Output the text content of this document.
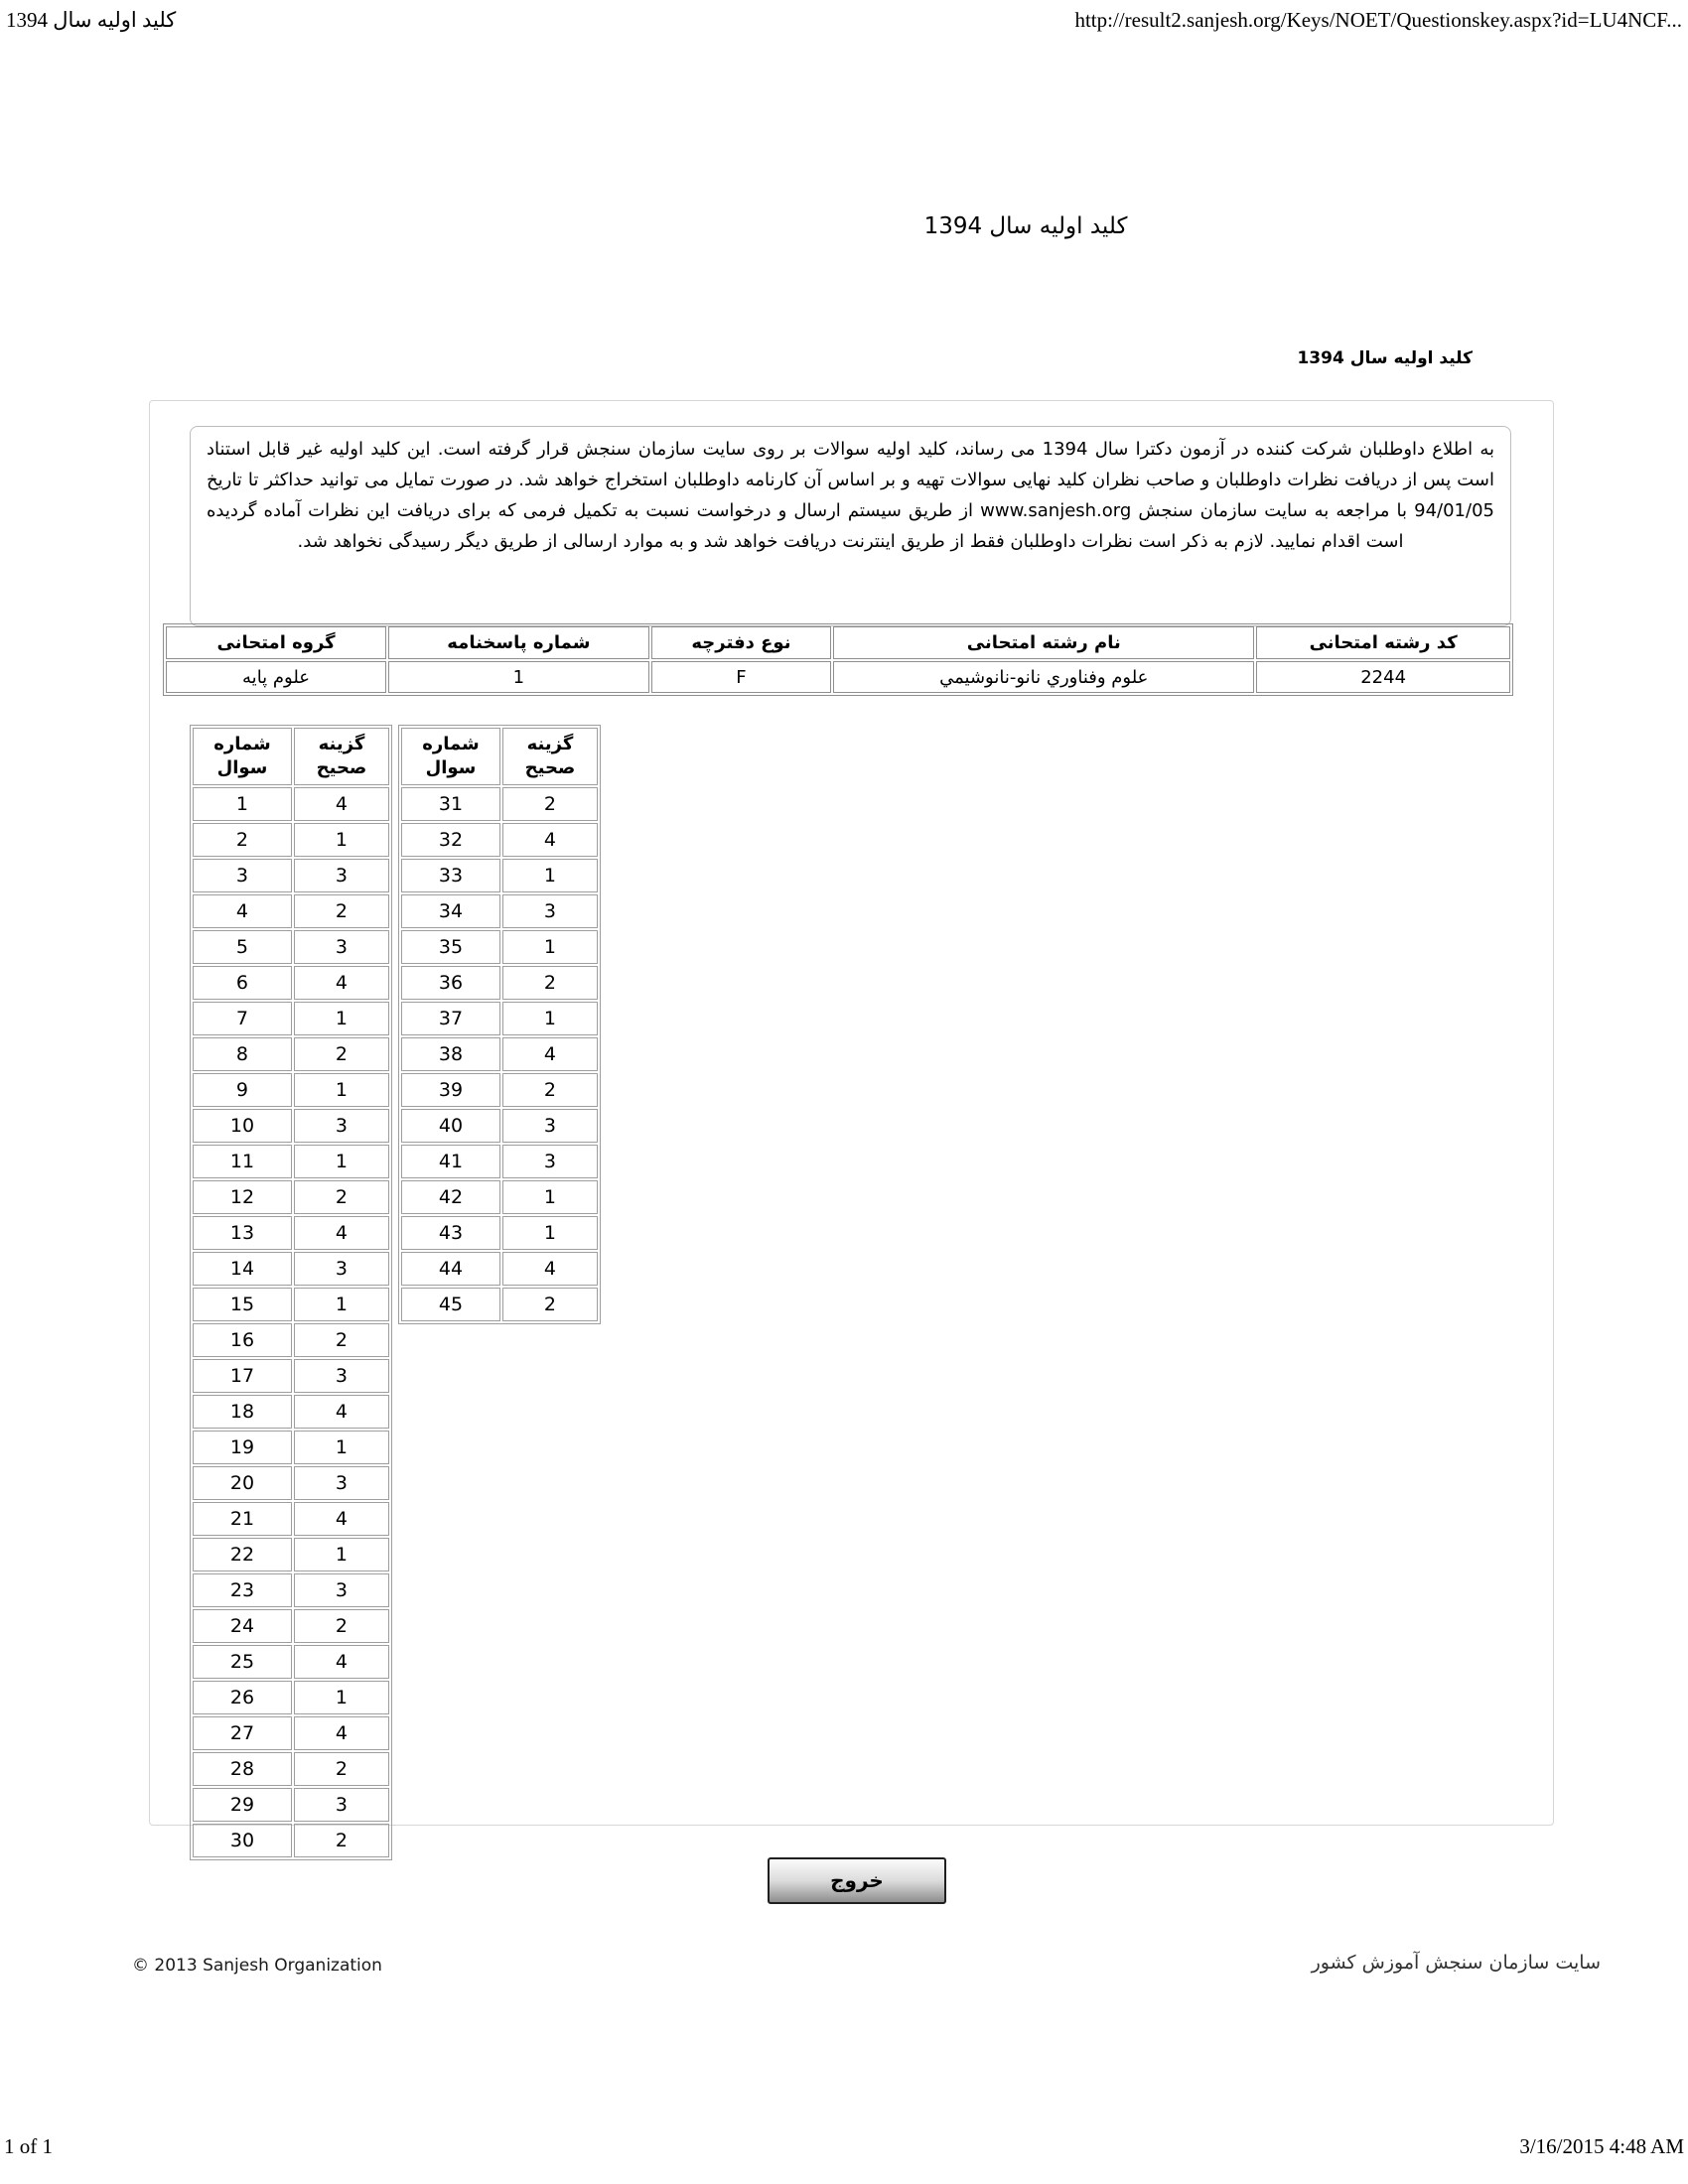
کلید اولیه سال 1394	http://result2.sanjesh.org/Keys/NOET/Questionskey.aspx?id=LU4NCF...
کلید اولیه سال 1394
کلید اولیه سال 1394
به اطلاع داوطلبان شرکت کننده در آزمون دکترا سال 1394 می رساند، کلید اولیه سوالات بر روی سایت سازمان سنجش قرار گرفته است. این کلید اولیه غیر قابل استناد است پس از دریافت نظرات داوطلبان و صاحب نظران کلید نهایی سوالات تهیه و بر اساس آن کارنامه داوطلبان استخراج خواهد شد. در صورت تمایل می توانید حداکثر تا تاریخ 94/01/05 با مراجعه به سایت سازمان سنجش www.sanjesh.org از طریق سیستم ارسال و درخواست نسبت به تکمیل فرمی که برای دریافت این نظرات آماده گردیده است اقدام نمایید. لازم به ذکر است نظرات داوطلبان فقط از طریق اینترنت دریافت خواهد شد و به موارد ارسالی از طریق دیگر رسیدگی نخواهد شد.
کد رشته امتحانی	نام رشته امتحانی	نوع دفترچه	شماره پاسخنامه	گروه امتحانی
2244	علوم وفناوري نانو-نانوشيمي	F	1	علوم پایه
شماره
سوال	گزینه
صحیح
1	4
2	1
3	3
4	2
5	3
6	4
7	1
8	2
9	1
10	3
11	1
12	2
13	4
14	3
15	1
16	2
17	3
18	4
19	1
20	3
21	4
22	1
23	3
24	2
25	4
26	1
27	4
28	2
29	3
30	2
شماره
سوال	گزینه
صحیح
31	2
32	4
33	1
34	3
35	1
36	2
37	1
38	4
39	2
40	3
41	3
42	1
43	1
44	4
45	2
خروج
© 2013 Sanjesh Organization	سایت سازمان سنجش آموزش کشور
1 of 1	3/16/2015 4:48 AM
